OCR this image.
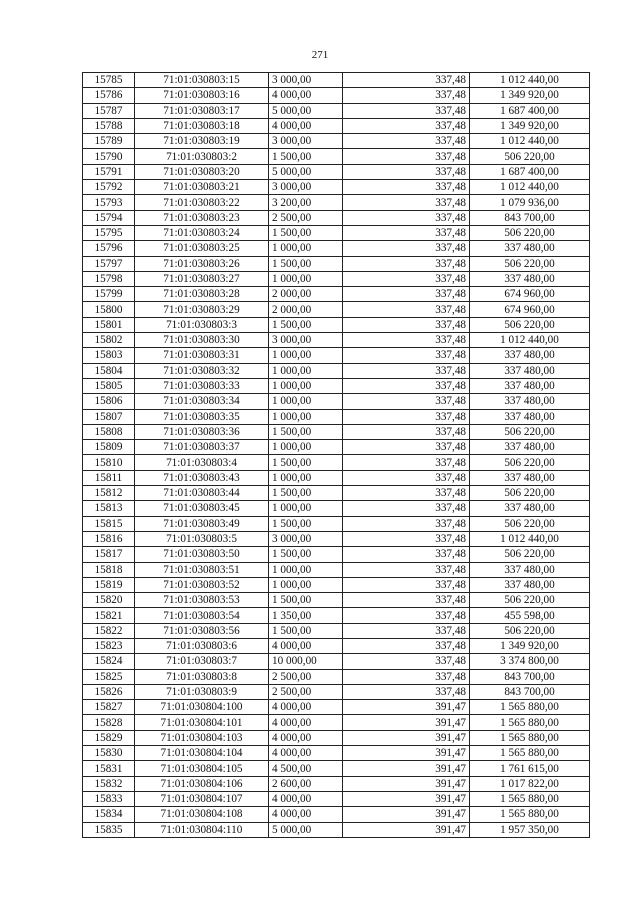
271
15785	71:01:030803:15	3 000,00	337,48	1 012 440,00
15786	71:01:030803:16	4 000,00	337,48	1 349 920,00
15787	71:01:030803:17	5 000,00	337,48	1 687 400,00
15788	71:01:030803:18	4 000,00	337,48	1 349 920,00
15789	71:01:030803:19	3 000,00	337,48	1 012 440,00
15790	71:01:030803:2	1 500,00	337,48	506 220,00
15791	71:01:030803:20	5 000,00	337,48	1 687 400,00
15792	71:01:030803:21	3 000,00	337,48	1 012 440,00
15793	71:01:030803:22	3 200,00	337,48	1 079 936,00
15794	71:01:030803:23	2 500,00	337,48	843 700,00
15795	71:01:030803:24	1 500,00	337,48	506 220,00
15796	71:01:030803:25	1 000,00	337,48	337 480,00
15797	71:01:030803:26	1 500,00	337,48	506 220,00
15798	71:01:030803:27	1 000,00	337,48	337 480,00
15799	71:01:030803:28	2 000,00	337,48	674 960,00
15800	71:01:030803:29	2 000,00	337,48	674 960,00
15801	71:01:030803:3	1 500,00	337,48	506 220,00
15802	71:01:030803:30	3 000,00	337,48	1 012 440,00
15803	71:01:030803:31	1 000,00	337,48	337 480,00
15804	71:01:030803:32	1 000,00	337,48	337 480,00
15805	71:01:030803:33	1 000,00	337,48	337 480,00
15806	71:01:030803:34	1 000,00	337,48	337 480,00
15807	71:01:030803:35	1 000,00	337,48	337 480,00
15808	71:01:030803:36	1 500,00	337,48	506 220,00
15809	71:01:030803:37	1 000,00	337,48	337 480,00
15810	71:01:030803:4	1 500,00	337,48	506 220,00
15811	71:01:030803:43	1 000,00	337,48	337 480,00
15812	71:01:030803:44	1 500,00	337,48	506 220,00
15813	71:01:030803:45	1 000,00	337,48	337 480,00
15815	71:01:030803:49	1 500,00	337,48	506 220,00
15816	71:01:030803:5	3 000,00	337,48	1 012 440,00
15817	71:01:030803:50	1 500,00	337,48	506 220,00
15818	71:01:030803:51	1 000,00	337,48	337 480,00
15819	71:01:030803:52	1 000,00	337,48	337 480,00
15820	71:01:030803:53	1 500,00	337,48	506 220,00
15821	71:01:030803:54	1 350,00	337,48	455 598,00
15822	71:01:030803:56	1 500,00	337,48	506 220,00
15823	71:01:030803:6	4 000,00	337,48	1 349 920,00
15824	71:01:030803:7	10 000,00	337,48	3 374 800,00
15825	71:01:030803:8	2 500,00	337,48	843 700,00
15826	71:01:030803:9	2 500,00	337,48	843 700,00
15827	71:01:030804:100	4 000,00	391,47	1 565 880,00
15828	71:01:030804:101	4 000,00	391,47	1 565 880,00
15829	71:01:030804:103	4 000,00	391,47	1 565 880,00
15830	71:01:030804:104	4 000,00	391,47	1 565 880,00
15831	71:01:030804:105	4 500,00	391,47	1 761 615,00
15832	71:01:030804:106	2 600,00	391,47	1 017 822,00
15833	71:01:030804:107	4 000,00	391,47	1 565 880,00
15834	71:01:030804:108	4 000,00	391,47	1 565 880,00
15835	71:01:030804:110	5 000,00	391,47	1 957 350,00
